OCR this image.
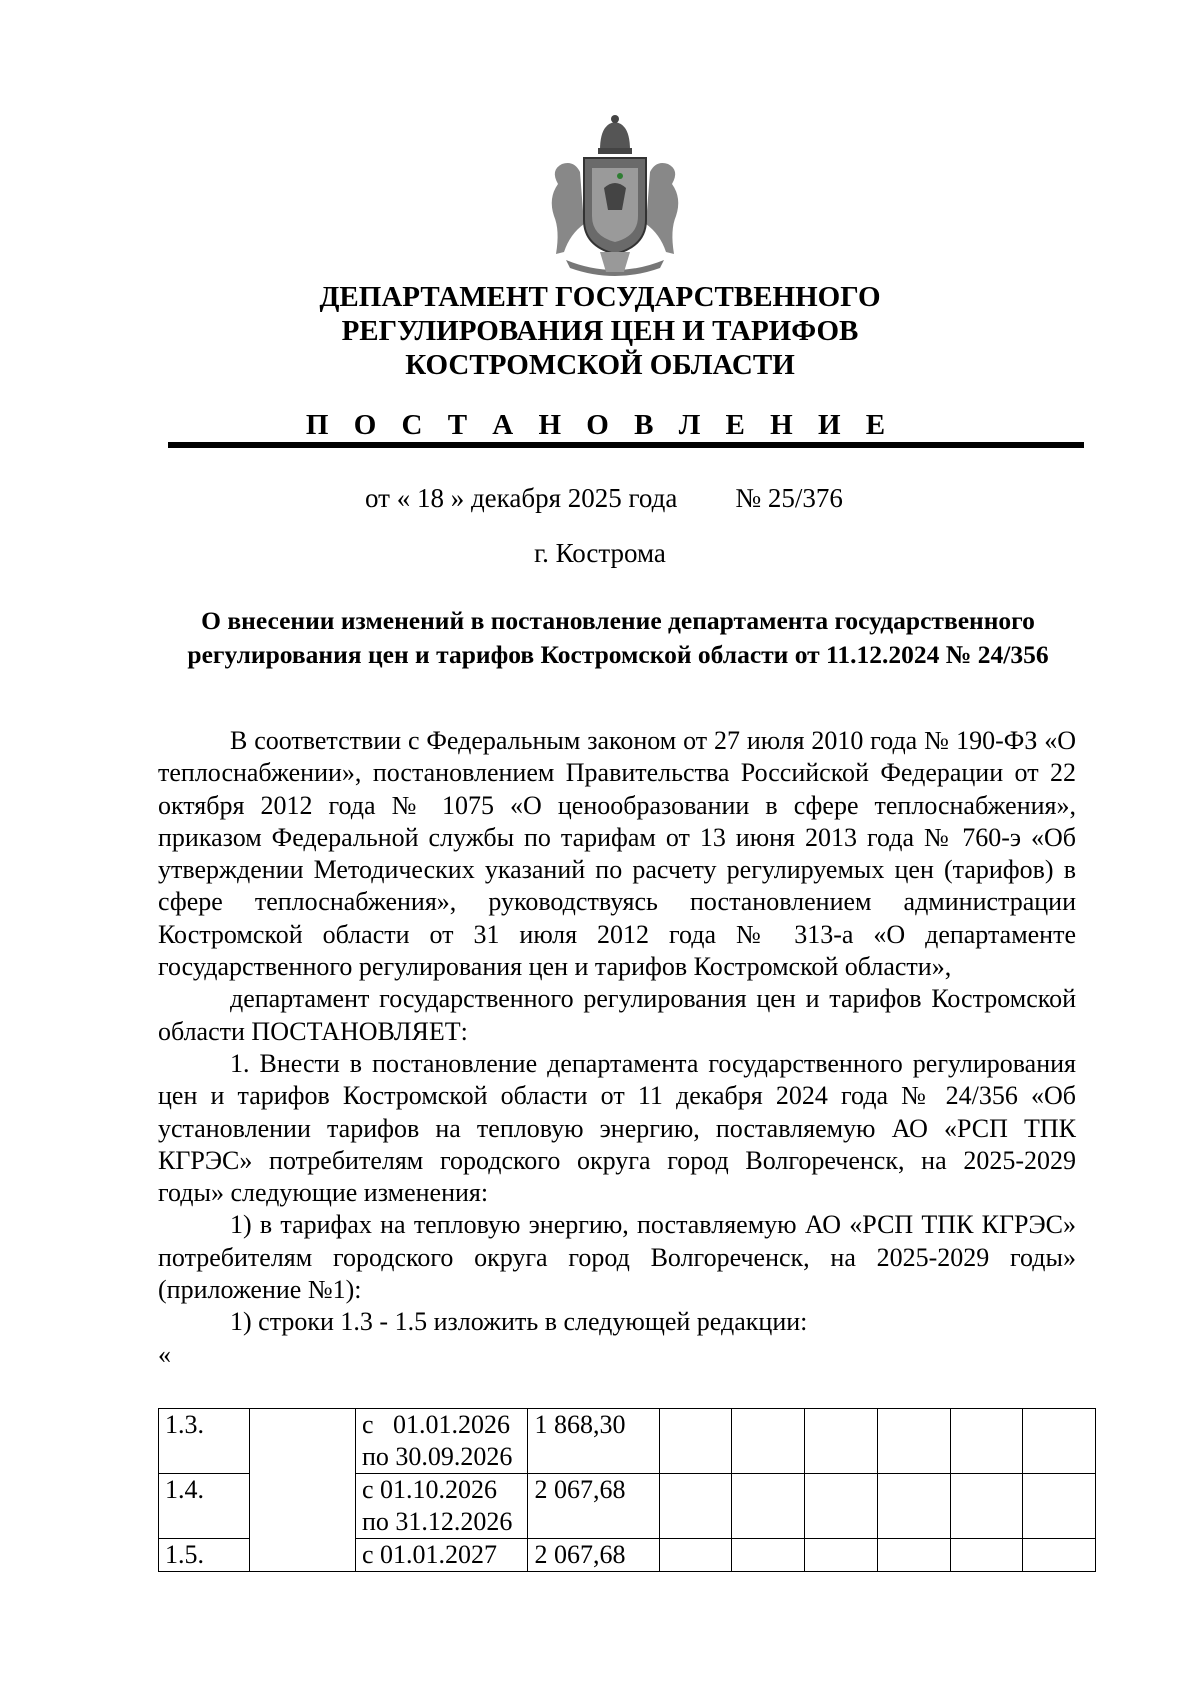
ДЕПАРТАМЕНТ ГОСУДАРСТВЕННОГО
РЕГУЛИРОВАНИЯ ЦЕН И ТАРИФОВ
КОСТРОМСКОЙ ОБЛАСТИ
П О С Т А Н О В Л Е Н И Е
от « 18 » декабря 2025 года № 25/376
г. Кострома
О внесении изменений в постановление департамента государственного
регулирования цен и тарифов Костромской области от 11.12.2024 № 24/356

В соответствии с Федеральным законом от 27 июля 2010 года № 190-ФЗ «О теплоснабжении», постановлением Правительства Российской Федерации от 22 октября 2012 года № 1075 «О ценообразовании в сфере теплоснабжения», приказом Федеральной службы по тарифам от 13 июня 2013 года № 760-э «Об утверждении Методических указаний по расчету регулируемых цен (тарифов) в сфере теплоснабжения», руководствуясь постановлением администрации Костромской области от 31 июля 2012 года № 313-а «О департаменте государственного регулирования цен и тарифов Костромской области»,

департамент государственного регулирования цен и тарифов Костромской области ПОСТАНОВЛЯЕТ:

1. Внести в постановление департамента государственного регулирования цен и тарифов Костромской области от 11 декабря 2024 года № 24/356 «Об установлении тарифов на тепловую энергию, поставляемую АО «РСП ТПК КГРЭС» потребителям городского округа город Волгореченск, на 2025-2029 годы» следующие изменения:

1) в тарифах на тепловую энергию, поставляемую АО «РСП ТПК КГРЭС» потребителям городского округа город Волгореченск, на 2025-2029 годы» (приложение №1):

1) строки 1.3 - 1.5 изложить в следующей редакции:

«

1.3.		с   01.01.2026
по 30.09.2026	1 868,30						
1.4.		с 01.10.2026
по 31.12.2026	2 067,68						
1.5.		с 01.01.2027	2 067,68						
